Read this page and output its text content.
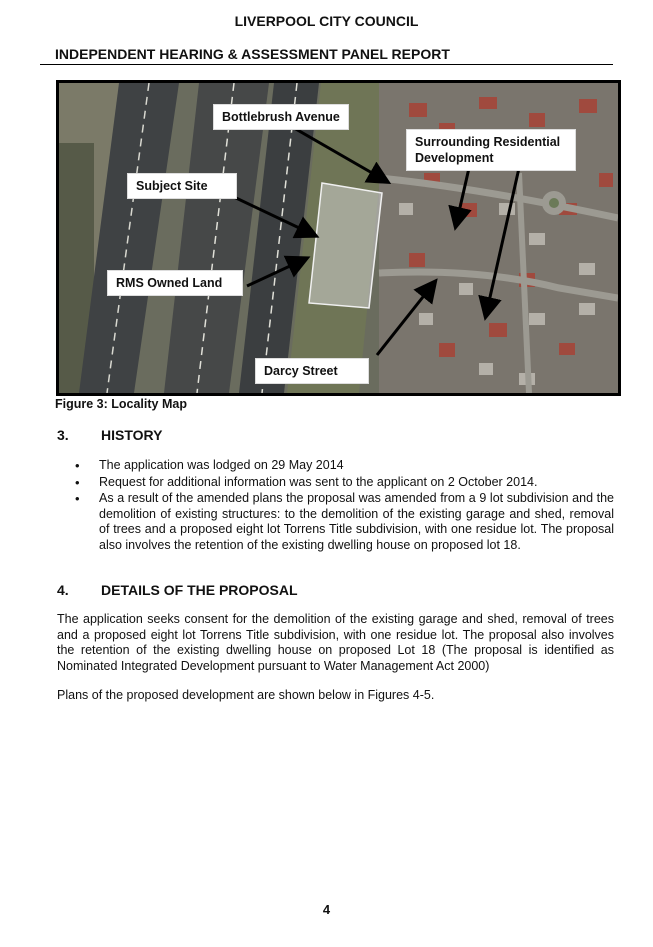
LIVERPOOL CITY COUNCIL
INDEPENDENT HEARING & ASSESSMENT PANEL REPORT
Bottlebrush Avenue
Surrounding Residential Development
Subject Site
RMS Owned Land
Darcy Street
Figure 3: Locality Map
3. HISTORY
• The application was lodged on 29 May 2014
• Request for additional information was sent to the applicant on 2 October 2014.
• As a result of the amended plans the proposal was amended from a 9 lot subdivision and the demolition of existing structures: to the demolition of the existing garage and shed, removal of trees and a proposed eight lot Torrens Title subdivision, with one residue lot. The proposal also involves the retention of the existing dwelling house on proposed lot 18.
4. DETAILS OF THE PROPOSAL
The application seeks consent for the demolition of the existing garage and shed, removal of trees and a proposed eight lot Torrens Title subdivision, with one residue lot. The proposal also involves the retention of the existing dwelling house on proposed Lot 18 (The proposal is identified as Nominated Integrated Development pursuant to Water Management Act 2000)
Plans of the proposed development are shown below in Figures 4-5.
4
